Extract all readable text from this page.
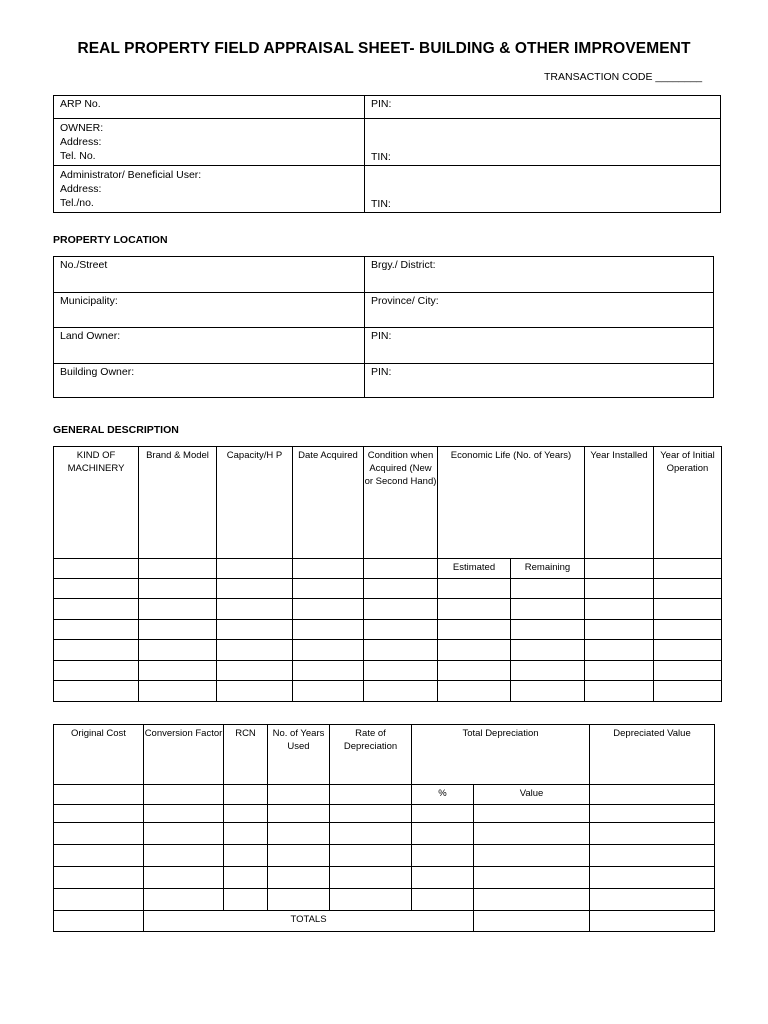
REAL PROPERTY FIELD APPRAISAL SHEET- BUILDING & OTHER IMPROVEMENT
TRANSACTION CODE ________
ARP No.	PIN:

OWNER:
Address:
Tel. No.	TIN:

Administrator/ Beneficial User:
Address:
Tel./no.	TIN:
PROPERTY LOCATION
No./Street	Brgy./ District:
Municipality:	Province/ City:
Land Owner:	PIN:
Building Owner:	PIN:
GENERAL DESCRIPTION
KIND OF MACHINERY	Brand & Model	Capacity/H P	Date Acquired	Condition when Acquired (New or Second Hand)	Economic Life (No. of Years)		Year Installed	Year of Initial Operation
					Estimated	Remaining		

Original Cost	Conversion Factor	RCN	No. of Years Used	Rate of Depreciation	Total Depreciation		Depreciated Value
					%	Value	

	TOTALS						
